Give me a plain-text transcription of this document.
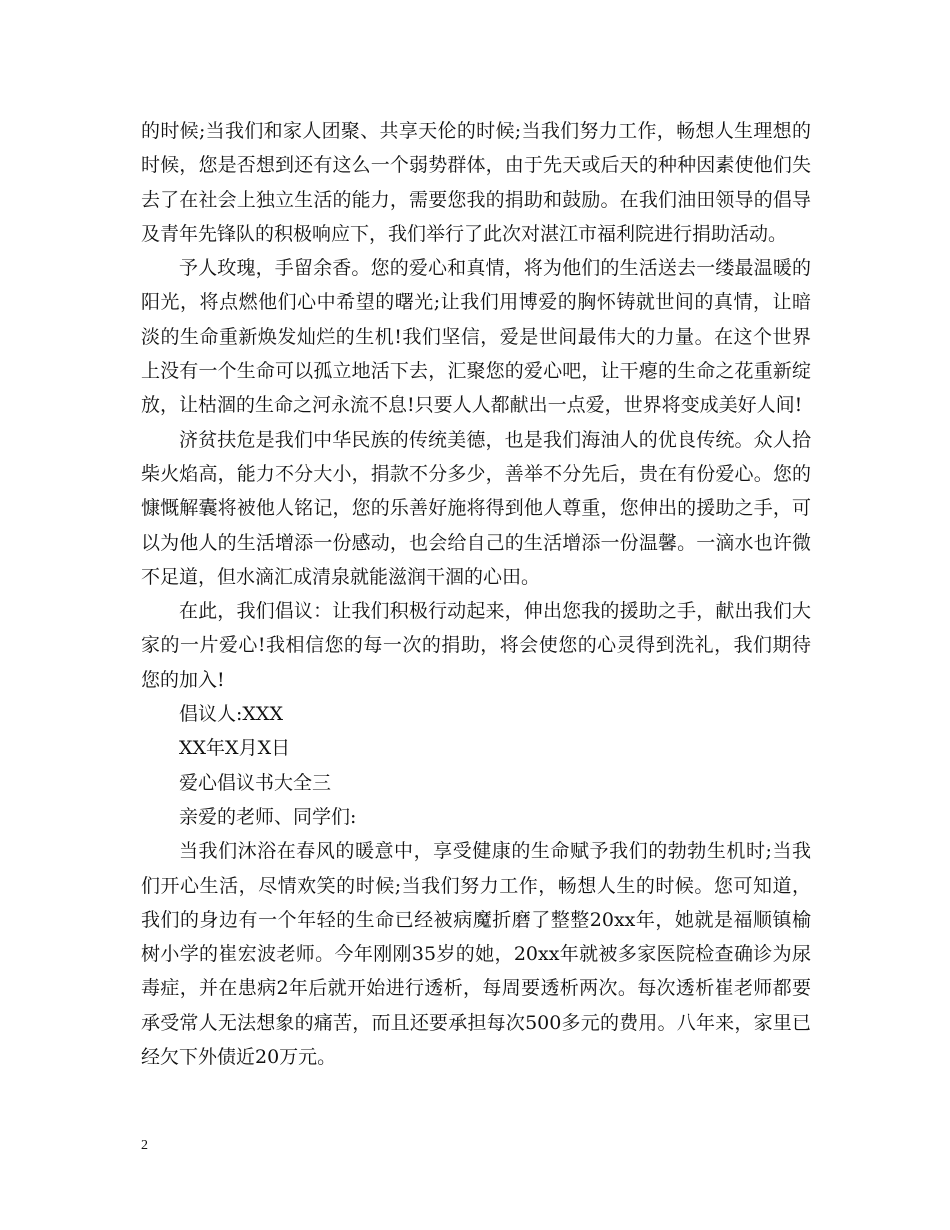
的时候;当我们和家人团聚、共享天伦的时候;当我们努力工作，畅想人生理想的时候，您是否想到还有这么一个弱势群体，由于先天或后天的种种因素使他们失去了在社会上独立生活的能力，需要您我的捐助和鼓励。在我们油田领导的倡导及青年先锋队的积极响应下，我们举行了此次对湛江市福利院进行捐助活动。

予人玫瑰，手留余香。您的爱心和真情，将为他们的生活送去一缕最温暖的阳光，将点燃他们心中希望的曙光;让我们用博爱的胸怀铸就世间的真情，让暗淡的生命重新焕发灿烂的生机!我们坚信，爱是世间最伟大的力量。在这个世界上没有一个生命可以孤立地活下去，汇聚您的爱心吧，让干瘪的生命之花重新绽放，让枯涸的生命之河永流不息!只要人人都献出一点爱，世界将变成美好人间!

济贫扶危是我们中华民族的传统美德，也是我们海油人的优良传统。众人拾柴火焰高，能力不分大小，捐款不分多少，善举不分先后，贵在有份爱心。您的慷慨解囊将被他人铭记，您的乐善好施将得到他人尊重，您伸出的援助之手，可以为他人的生活增添一份感动，也会给自己的生活增添一份温馨。一滴水也许微不足道，但水滴汇成清泉就能滋润干涸的心田。

在此，我们倡议：让我们积极行动起来，伸出您我的援助之手，献出我们大家的一片爱心!我相信您的每一次的捐助，将会使您的心灵得到洗礼，我们期待您的加入!

倡议人:XXX

XX年X月X日

爱心倡议书大全三

亲爱的老师、同学们:

当我们沐浴在春风的暖意中，享受健康的生命赋予我们的勃勃生机时;当我们开心生活，尽情欢笑的时候;当我们努力工作，畅想人生的时候。您可知道，我们的身边有一个年轻的生命已经被病魔折磨了整整20xx年，她就是福顺镇榆树小学的崔宏波老师。今年刚刚35岁的她，20xx年就被多家医院检查确诊为尿毒症，并在患病2年后就开始进行透析，每周要透析两次。每次透析崔老师都要承受常人无法想象的痛苦，而且还要承担每次500多元的费用。八年来，家里已经欠下外债近20万元。

2
